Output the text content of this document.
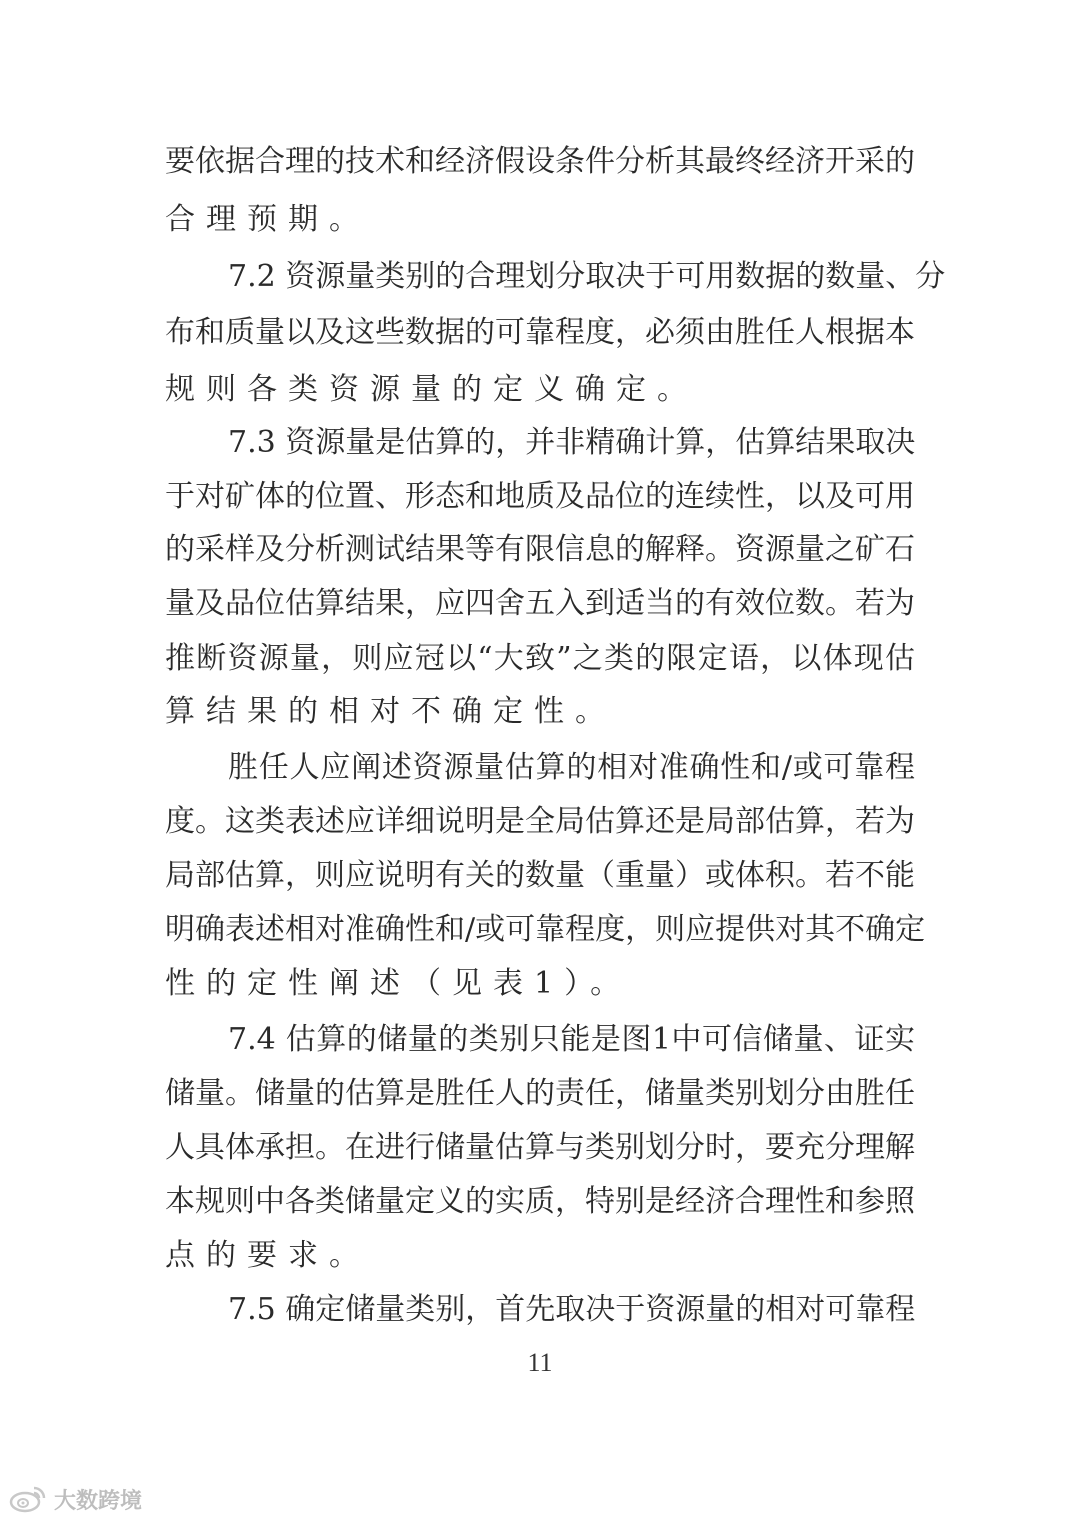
要依据合理的技术和经济假设条件分析其最终经济开采的
合理预期。
7.2 资源量类别的合理划分取决于可用数据的数量、分
布和质量以及这些数据的可靠程度，必须由胜任人根据本
规则各类资源量的定义确定。
7.3 资源量是估算的，并非精确计算，估算结果取决
于对矿体的位置、形态和地质及品位的连续性，以及可用
的采样及分析测试结果等有限信息的解释。资源量之矿石
量及品位估算结果，应四舍五入到适当的有效位数。若为
推断资源量，则应冠以“大致”之类的限定语，以体现估
算结果的相对不确定性。
胜任人应阐述资源量估算的相对准确性和/或可靠程
度。这类表述应详细说明是全局估算还是局部估算，若为
局部估算，则应说明有关的数量（重量）或体积。若不能
明确表述相对准确性和/或可靠程度，则应提供对其不确定
性的定性阐述（见表1）。
7.4 估算的储量的类别只能是图1中可信储量、证实
储量。储量的估算是胜任人的责任，储量类别划分由胜任
人具体承担。在进行储量估算与类别划分时，要充分理解
本规则中各类储量定义的实质，特别是经济合理性和参照
点的要求。
7.5 确定储量类别，首先取决于资源量的相对可靠程
11
大数跨境
